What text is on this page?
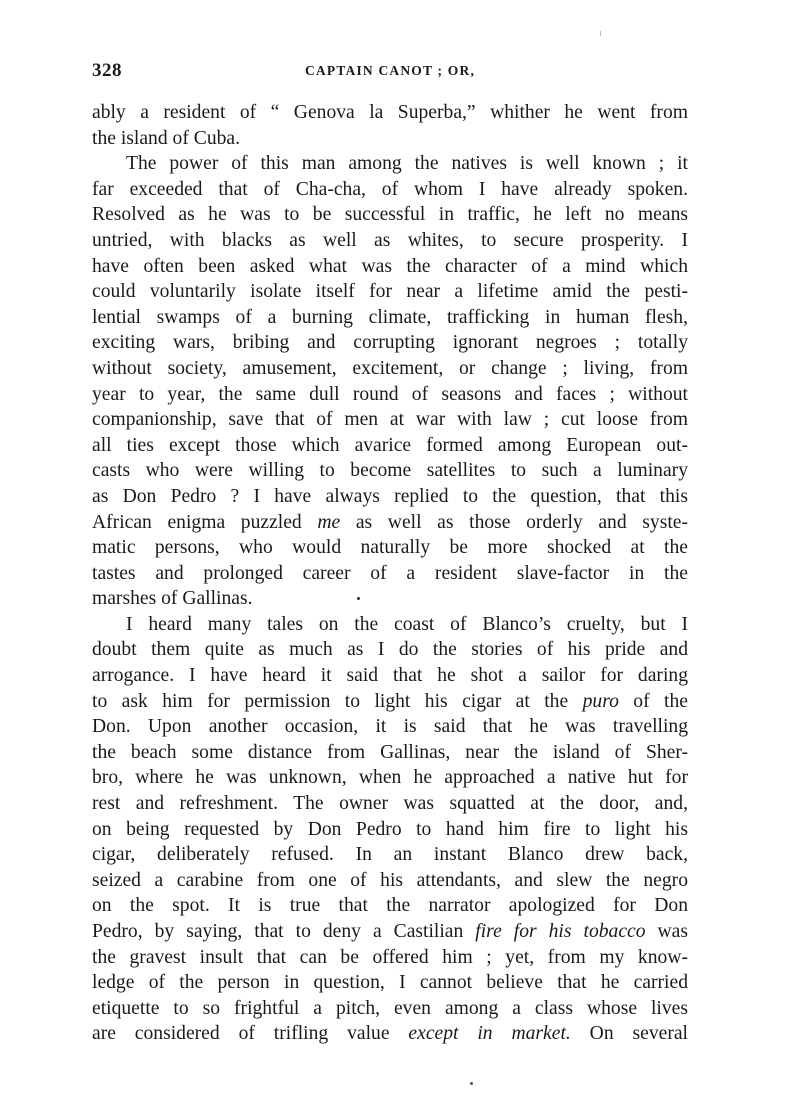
328	CAPTAIN CANOT ; OR,
ably a resident of “ Genova la Superba,” whither he went from
the island of Cuba.
The power of this man among the natives is well known ; it
far exceeded that of Cha-cha, of whom I have already spoken.
Resolved as he was to be successful in traffic, he left no means
untried, with blacks as well as whites, to secure prosperity. I
have often been asked what was the character of a mind which
could voluntarily isolate itself for near a lifetime amid the pesti-
lential swamps of a burning climate, trafficking in human flesh,
exciting wars, bribing and corrupting ignorant negroes ; totally
without society, amusement, excitement, or change ; living, from
year to year, the same dull round of seasons and faces ; without
companionship, save that of men at war with law ; cut loose from
all ties except those which avarice formed among European out-
casts who were willing to become satellites to such a luminary
as Don Pedro ? I have always replied to the question, that this
African enigma puzzled me as well as those orderly and syste-
matic persons, who would naturally be more shocked at the
tastes and prolonged career of a resident slave-factor in the
marshes of Gallinas.
I heard many tales on the coast of Blanco’s cruelty, but I
doubt them quite as much as I do the stories of his pride and
arrogance. I have heard it said that he shot a sailor for daring
to ask him for permission to light his cigar at the puro of the
Don. Upon another occasion, it is said that he was travelling
the beach some distance from Gallinas, near the island of Sher-
bro, where he was unknown, when he approached a native hut for
rest and refreshment. The owner was squatted at the door, and,
on being requested by Don Pedro to hand him fire to light his
cigar, deliberately refused. In an instant Blanco drew back,
seized a carabine from one of his attendants, and slew the negro
on the spot. It is true that the narrator apologized for Don
Pedro, by saying, that to deny a Castilian fire for his tobacco was
the gravest insult that can be offered him ; yet, from my know-
ledge of the person in question, I cannot believe that he carried
etiquette to so frightful a pitch, even among a class whose lives
are considered of trifling value except in market. On several
